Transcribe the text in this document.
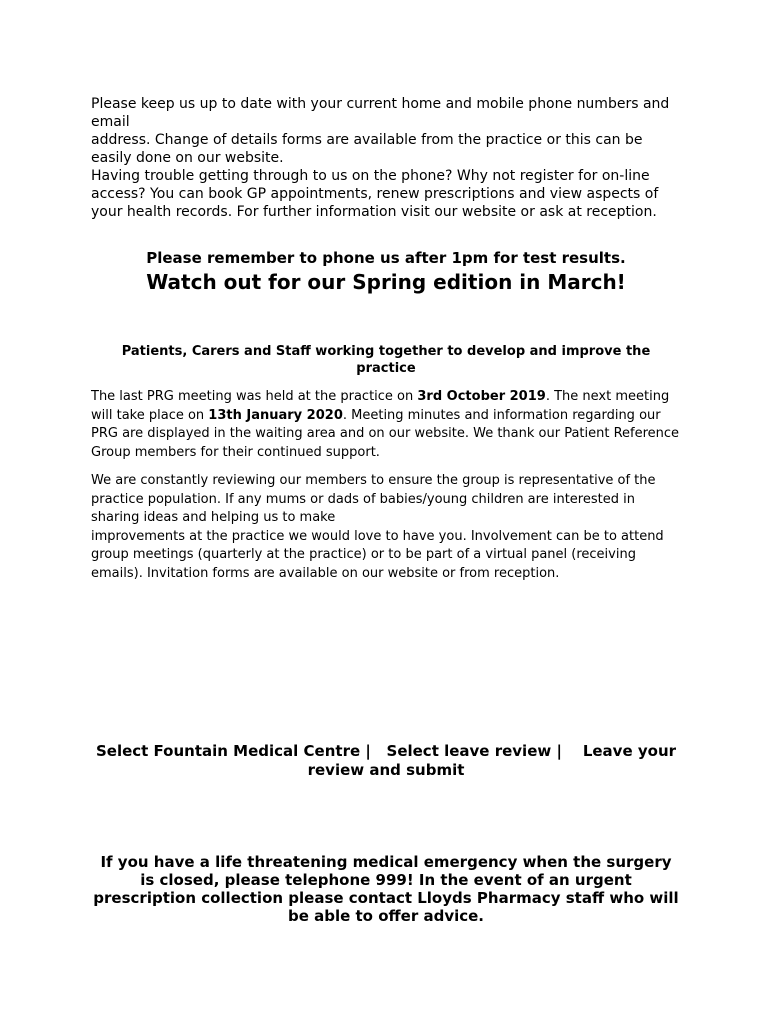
Please keep us up to date with your current home and mobile phone numbers and email

address. Change of details forms are available from the practice or this can be easily done on our website.

Having trouble getting through to us on the phone? Why not register for on-line access? You can book GP appointments, renew prescriptions and view aspects of your health records. For further information visit our website or ask at reception.

Please remember to phone us after 1pm for test results.
Watch out for our Spring edition in March!
Patients, Carers and Staff working together to develop and improve the practice

The last PRG meeting was held at the practice on 3rd October 2019. The next meeting will take place on 13th January 2020. Meeting minutes and information regarding our PRG are displayed in the waiting area and on our website. We thank our Patient Reference Group members for their continued support.

We are constantly reviewing our members to ensure the group is representative of the practice population. If any mums or dads of babies/young children are interested in sharing ideas and helping us to make

improvements at the practice we would love to have you. Involvement can be to attend group meetings (quarterly at the practice) or to be part of a virtual panel (receiving emails). Invitation forms are available on our website or from reception.

Select Fountain Medical Centre |   Select leave review |    Leave your review and submit
If you have a life threatening medical emergency when the surgery is closed, please telephone 999! In the event of an urgent prescription collection please contact Lloyds Pharmacy staff who will be able to offer advice.
